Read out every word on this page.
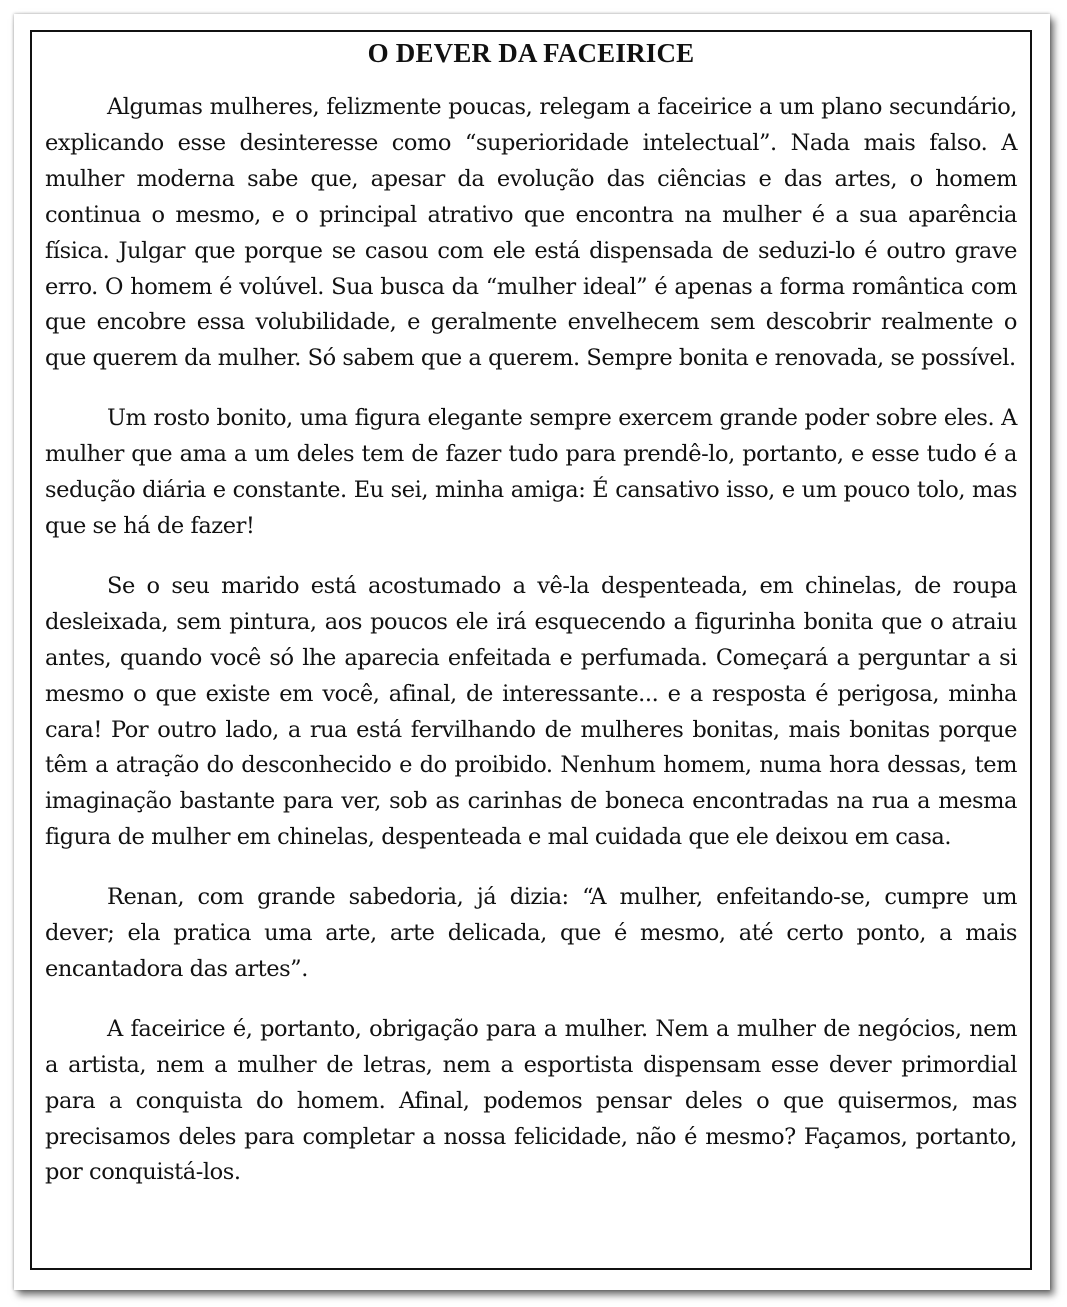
O DEVER DA FACEIRICE

Algumas mulheres, felizmente poucas, relegam a faceirice a um plano secundário, explicando esse desinteresse como “superioridade intelectual”. Nada mais falso. A mulher moderna sabe que, apesar da evolução das ciências e das artes, o homem continua o mesmo, e o principal atrativo que encontra na mulher é a sua aparência física. Julgar que porque se casou com ele está dispensada de seduzi-lo é outro grave erro. O homem é volúvel. Sua busca da “mulher ideal” é apenas a forma romântica com que encobre essa volubilidade, e geralmente envelhecem sem descobrir realmente o que querem da mulher. Só sabem que a querem. Sempre bonita e renovada, se possível.

Um rosto bonito, uma figura elegante sempre exercem grande poder sobre eles. A mulher que ama a um deles tem de fazer tudo para prendê-lo, portanto, e esse tudo é a sedução diária e constante. Eu sei, minha amiga: É cansativo isso, e um pouco tolo, mas que se há de fazer!

Se o seu marido está acostumado a vê-la despenteada, em chinelas, de roupa desleixada, sem pintura, aos poucos ele irá esquecendo a figurinha bonita que o atraiu antes, quando você só lhe aparecia enfeitada e perfumada. Começará a perguntar a si mesmo o que existe em você, afinal, de interessante... e a resposta é perigosa, minha cara! Por outro lado, a rua está fervilhando de mulheres bonitas, mais bonitas porque têm a atração do desconhecido e do proibido. Nenhum homem, numa hora dessas, tem imaginação bastante para ver, sob as carinhas de boneca encontradas na rua a mesma figura de mulher em chinelas, despenteada e mal cuidada que ele deixou em casa.

Renan, com grande sabedoria, já dizia: “A mulher, enfeitando-se, cumpre um dever; ela pratica uma arte, arte delicada, que é mesmo, até certo ponto, a mais encantadora das artes”.

A faceirice é, portanto, obrigação para a mulher. Nem a mulher de negócios, nem a artista, nem a mulher de letras, nem a esportista dispensam esse dever primordial para a conquista do homem. Afinal, podemos pensar deles o que quisermos, mas precisamos deles para completar a nossa felicidade, não é mesmo? Façamos, portanto, por conquistá-los.
